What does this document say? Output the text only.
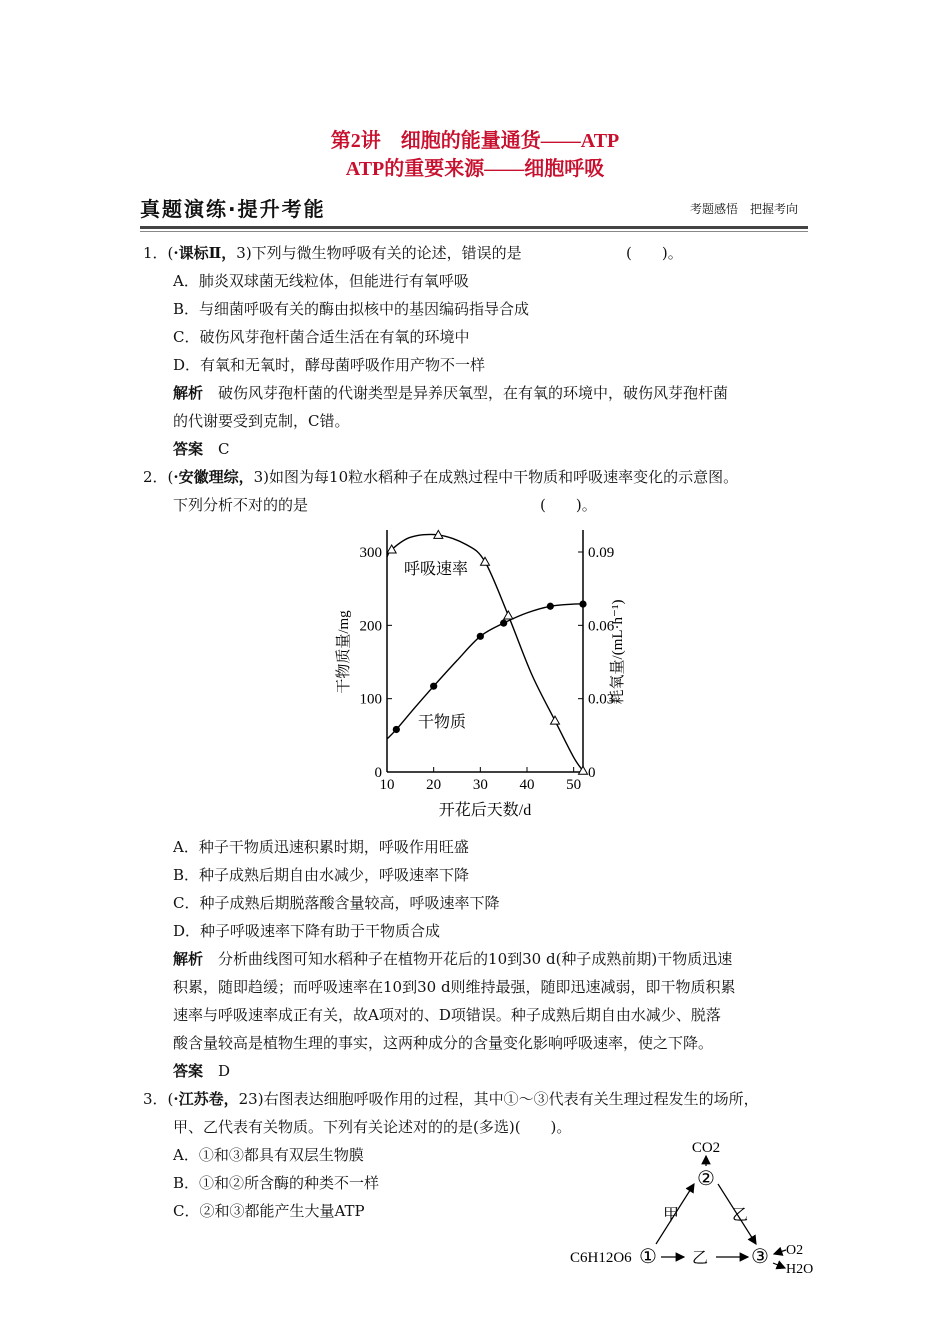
第2讲　细胞的能量通货——ATP
ATP的重要来源——细胞呼吸
真题演练·提升考能	考题感悟　把握考向
1．(·课标Ⅱ，3)下列与微生物呼吸有关的论述，错误的是	(　　)。
A．肺炎双球菌无线粒体，但能进行有氧呼吸
B．与细菌呼吸有关的酶由拟核中的基因编码指导合成
C．破伤风芽孢杆菌合适生活在有氧的环境中
D．有氧和无氧时，酵母菌呼吸作用产物不一样
解析　 破伤风芽孢杆菌的代谢类型是异养厌氧型，在有氧的环境中，破伤风芽孢杆菌
的代谢要受到克制，C错。
答案　 C
2．(·安徽理综，3)如图为每10粒水稻种子在成熟过程中干物质和呼吸速率变化的示意图。
下列分析不对的的是	(　　)。
10 20 30 40 50
0
100
200
300
0
0.03
0.06
0.09
呼吸速率
干物质
开花后天数/d
干物质量/mg	耗氧量/(mL·h⁻¹)
A．种子干物质迅速积累时期，呼吸作用旺盛
B．种子成熟后期自由水减少，呼吸速率下降
C．种子成熟后期脱落酸含量较高，呼吸速率下降
D．种子呼吸速率下降有助于干物质合成
解析　 分析曲线图可知水稻种子在植物开花后的10到30 d(种子成熟前期)干物质迅速
积累，随即趋缓；而呼吸速率在10到30 d则维持最强，随即迅速减弱，即干物质积累
速率与呼吸速率成正有关，故A项对的、D项错误。种子成熟后期自由水减少、脱落
酸含量较高是植物生理的事实，这两种成分的含量变化影响呼吸速率，使之下降。
答案　 D
3．(·江苏卷，23)右图表达细胞呼吸作用的过程，其中①～③代表有关生理过程发生的场所，
甲、乙代表有关物质。下列有关论述对的的是(多选)(　　)。
A．①和③都具有双层生物膜
B．①和②所含酶的种类不一样
C．②和③都能产生大量ATP
CO2
②
C6H12O6 ① 乙 ③
甲	乙
O2
H2O
